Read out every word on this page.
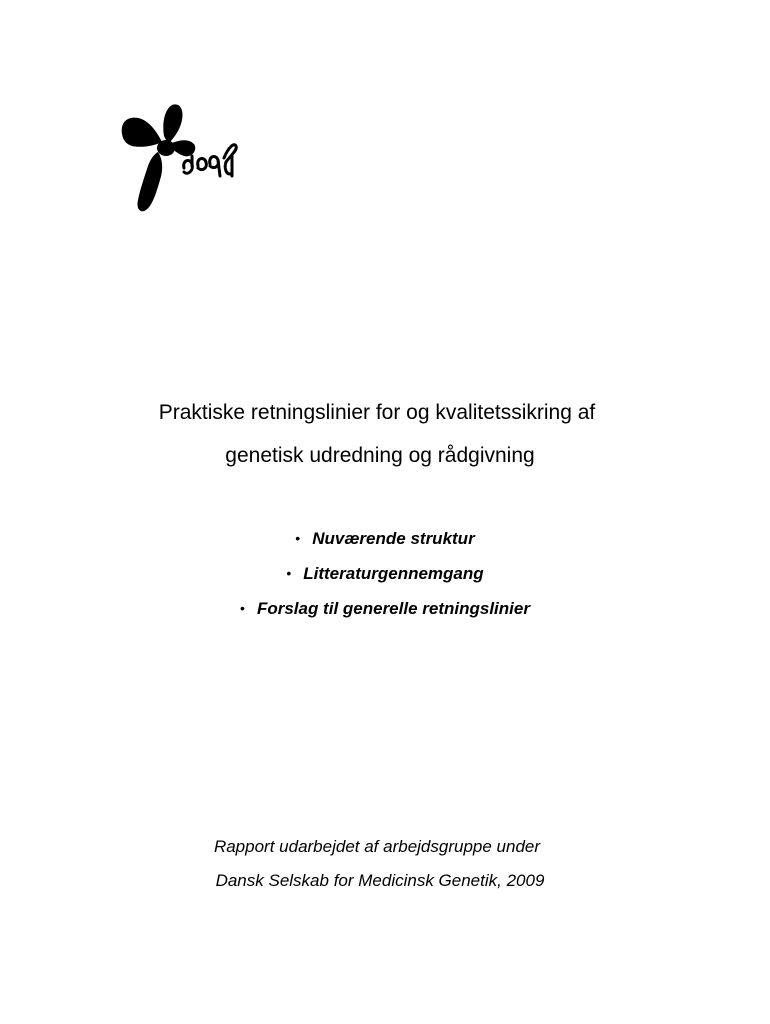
Praktiske retningslinier for og kvalitetssikring af

genetisk udredning og rådgivning

• Nuværende struktur
• Litteraturgennemgang
• Forslag til generelle retningslinier

Rapport udarbejdet af arbejdsgruppe under

Dansk Selskab for Medicinsk Genetik, 2009
